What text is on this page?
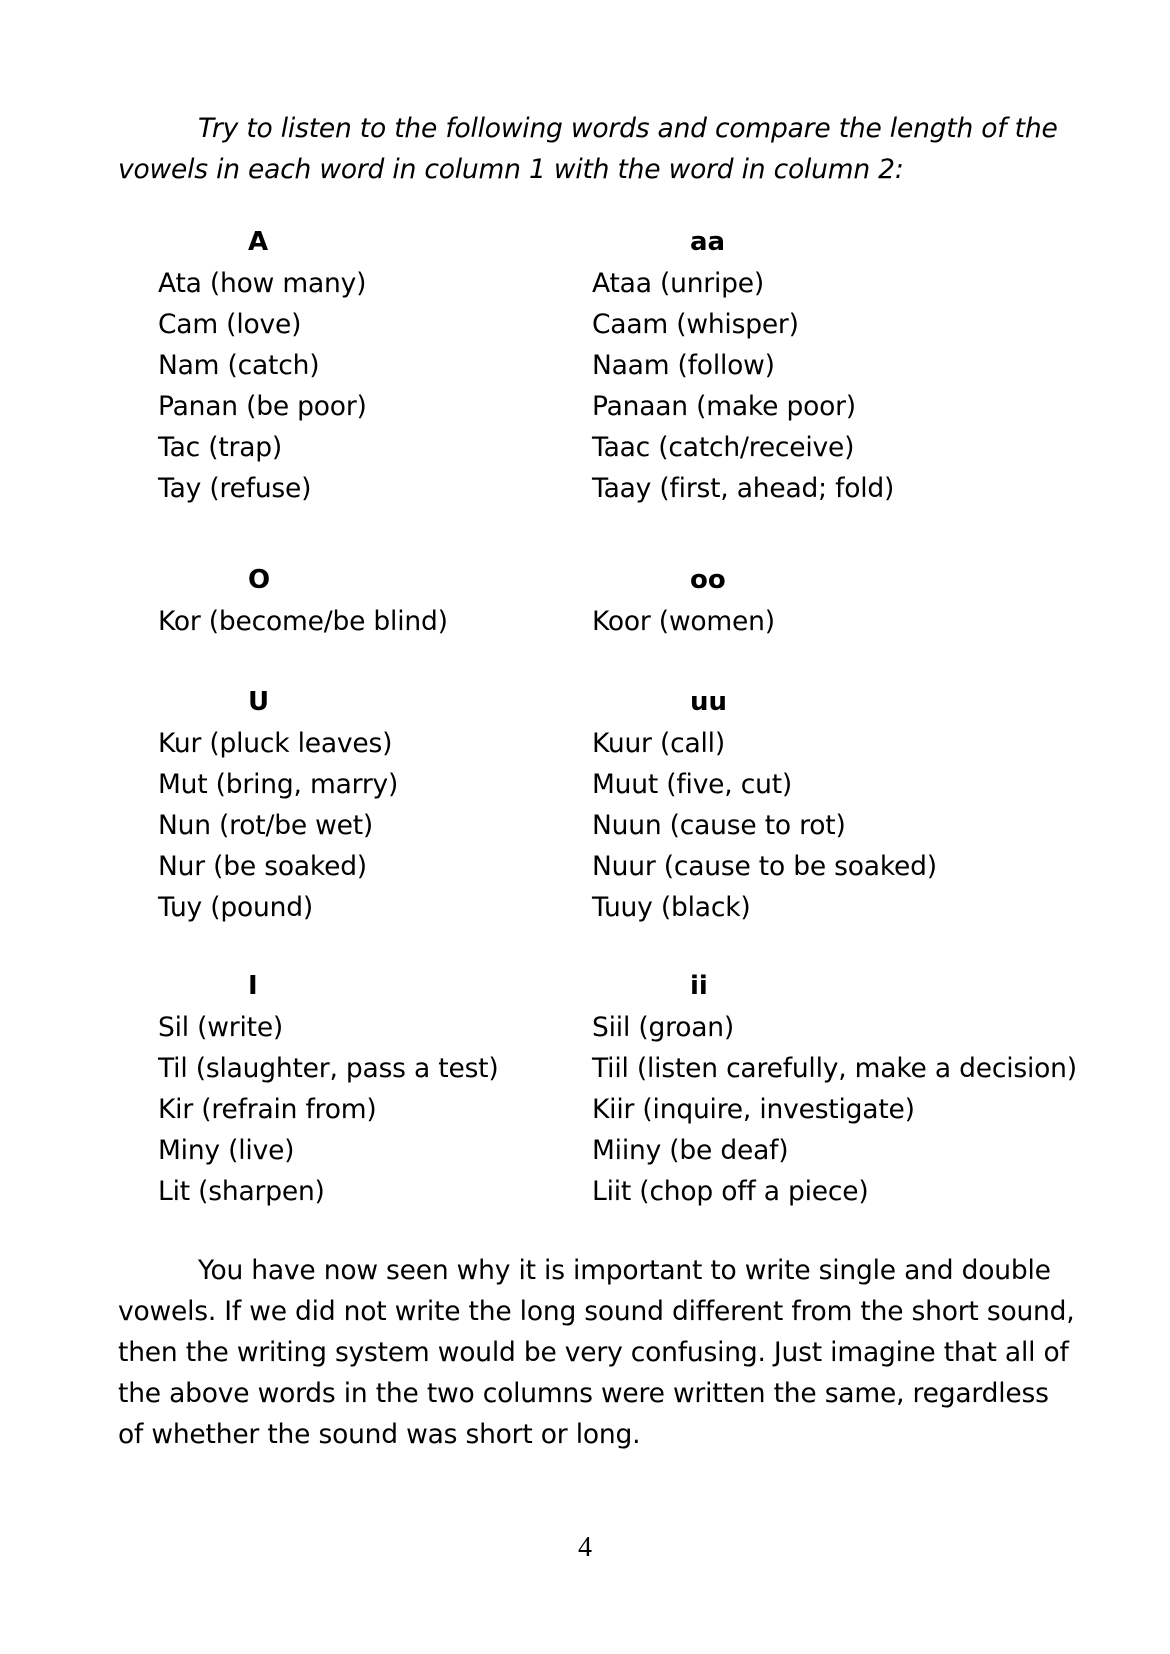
Try to listen to the following words and compare the length of the vowels in each word in column 1 with the word in column 2:

A
Ata (how many)
Cam (love)
Nam (catch)
Panan (be poor)
Tac (trap)
Tay (refuse)
aa
Ataa (unripe)
Caam (whisper)
Naam (follow)
Panaan (make poor)
Taac (catch/receive)
Taay (first, ahead; fold)
O
Kor (become/be blind)
oo
Koor (women)
U
Kur (pluck leaves)
Mut (bring, marry)
Nun (rot/be wet)
Nur (be soaked)
Tuy (pound)
uu
Kuur (call)
Muut (five, cut)
Nuun (cause to rot)
Nuur (cause to be soaked)
Tuuy (black)
I
Sil (write)
Til (slaughter, pass a test)
Kir (refrain from)
Miny (live)
Lit (sharpen)
ii
Siil (groan)
Tiil (listen carefully, make a decision)
Kiir (inquire, investigate)
Miiny (be deaf)
Liit (chop off a piece)

You have now seen why it is important to write single and double vowels. If we did not write the long sound different from the short sound, then the writing system would be very confusing. Just imagine that all of the above words in the two columns were written the same, regardless of whether the sound was short or long.

4
